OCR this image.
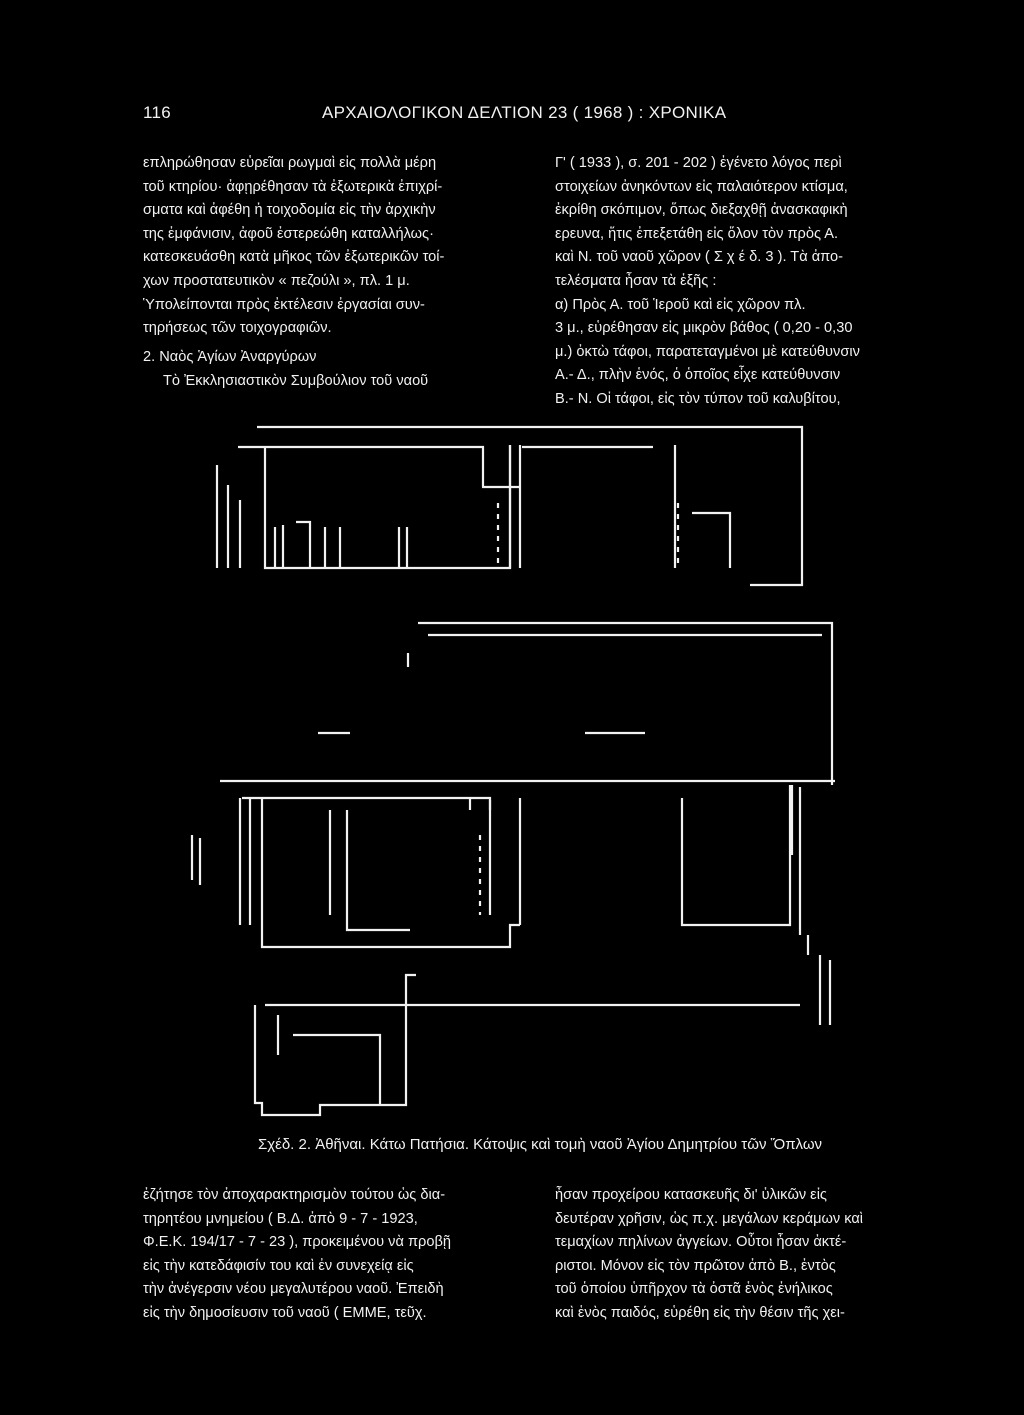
116	ΑΡΧΑΙΟΛΟΓΙΚΟΝ ΔΕΛΤΙΟΝ 23 ( 1968 ) : ΧΡΟΝΙΚΑ
επληρώθησαν εὑρεῖαι ρωγμαὶ εἰς πολλὰ μέρη
τοῦ κτηρίου· ἀφῃρέθησαν τὰ ἐξωτερικὰ ἐπιχρί-
σματα καὶ ἀφέθη ἡ τοιχοδομία εἰς τὴν ἀρχικὴν
της ἐμφάνισιν, ἀφοῦ ἐστερεώθη καταλλήλως·
κατεσκευάσθη κατὰ μῆκος τῶν ἐξωτερικῶν τοί-
χων προστατευτικὸν « πεζούλι », πλ. 1 μ.
Ὑπολείπονται πρὸς ἐκτέλεσιν ἐργασίαι συν-
τηρήσεως τῶν τοιχογραφιῶν.
2. Ναὸς Ἁγίων Ἀναργύρων
Τὸ Ἐκκλησιαστικὸν Συμβούλιον τοῦ ναοῦ
Γ' ( 1933 ), σ. 201 - 202 ) ἐγένετο λόγος περὶ
στοιχείων ἀνηκόντων εἰς παλαιότερον κτίσμα,
ἐκρίθη σκόπιμον, ὅπως διεξαχθῇ ἀνασκαφικὴ
ερευνα, ἥτις ἐπεξετάθη εἰς ὅλον τὸν πρὸς Α.
καὶ Ν. τοῦ ναοῦ χῶρον ( Σ χ έ δ. 3 ). Τὰ ἀπο-
τελέσματα ἦσαν τὰ ἑξῆς :
α) Πρὸς Α. τοῦ Ἱεροῦ καὶ εἰς χῶρον πλ.
3 μ., εὑρέθησαν εἰς μικρὸν βάθος ( 0,20 - 0,30
μ.) ὀκτὼ τάφοι, παρατεταγμένοι μὲ κατεύθυνσιν
Α.- Δ., πλὴν ἑνός, ὁ ὁποῖος εἶχε κατεύθυνσιν
Β.- Ν. Οἱ τάφοι, εἰς τὸν τύπον τοῦ καλυβίτου,
Σχέδ. 2. Ἀθῆναι. Κάτω Πατήσια. Κάτοψις καὶ τομὴ ναοῦ Ἁγίου Δημητρίου τῶν Ὅπλων
ἐζήτησε τὸν ἀποχαρακτηρισμὸν τούτου ὡς δια-
τηρητέου μνημείου ( Β.Δ. ἀπὸ 9 - 7 - 1923,
Φ.Ε.Κ. 194/17 - 7 - 23 ), προκειμένου νὰ προβῇ
εἰς τὴν κατεδάφισίν του καὶ ἐν συνεχείᾳ εἰς
τὴν ἀνέγερσιν νέου μεγαλυτέρου ναοῦ. Ἐπειδὴ
εἰς τὴν δημοσίευσιν τοῦ ναοῦ ( ΕΜΜΕ, τεῦχ.
ἦσαν προχείρου κατασκευῆς δι' ὑλικῶν εἰς
δευτέραν χρῆσιν, ὡς π.χ. μεγάλων κεράμων καὶ
τεμαχίων πηλίνων ἀγγείων. Οὗτοι ἦσαν ἀκτέ-
ριστοι. Μόνον εἰς τὸν πρῶτον ἀπὸ Β., ἐντὸς
τοῦ ὁποίου ὑπῆρχον τὰ ὀστᾶ ἑνὸς ἐνήλικος
καὶ ἑνὸς παιδός, εὑρέθη εἰς τὴν θέσιν τῆς χει-
